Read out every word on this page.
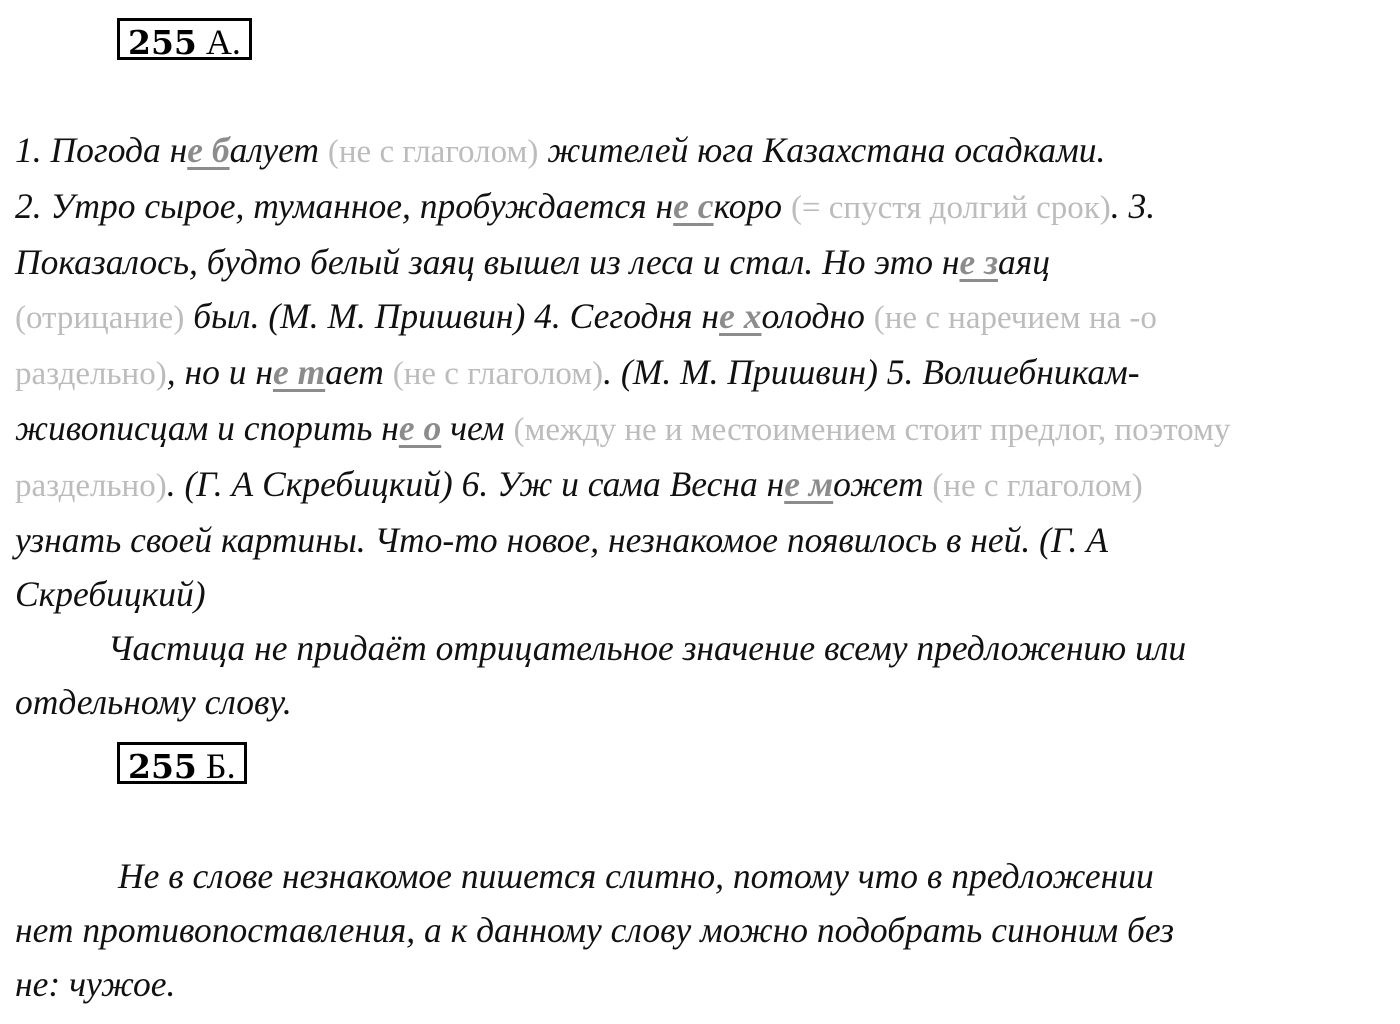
255 А.
1. Погода не балует (не с глаголом) жителей юга Казахстана осадками.
2. Утро сырое, туманное, пробуждается не скоро (= спустя долгий срок). 3.
Показалось, будто белый заяц вышел из леса и стал. Но это не заяц
(отрицание) был. (М. М. Пришвин) 4. Сегодня не холодно (не с наречием на -о
раздельно), но и не тает (не с глаголом). (М. М. Пришвин) 5. Волшебникам-
живописцам и спорить не о чем (между не и местоимением стоит предлог, поэтому
раздельно). (Г. А Скребицкий) 6. Уж и сама Весна не может (не с глаголом)
узнать своей картины. Что-то новое, незнакомое появилось в ней. (Г. А
Скребицкий)
Частица не придаёт отрицательное значение всему предложению или
отдельному слову.
255 Б.
Не в слове незнакомое пишется слитно, потому что в предложении
нет противопоставления, а к данному слову можно подобрать синоним без
не: чужое.
